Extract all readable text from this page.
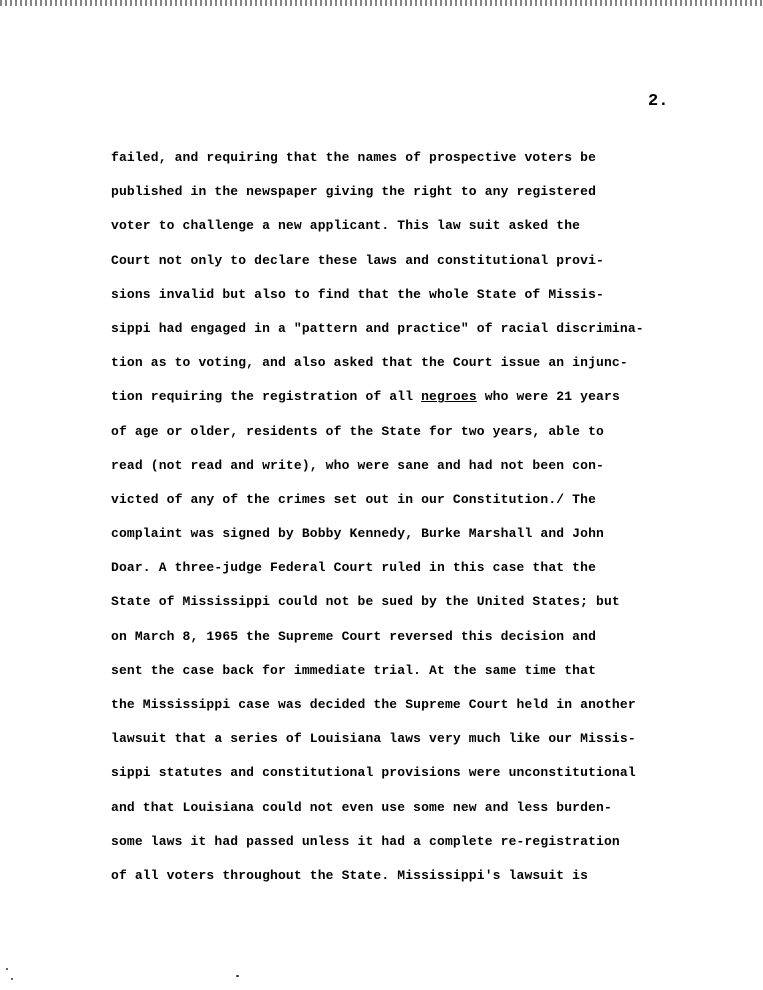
2.
failed, and requiring that the names of prospective voters be
published in the newspaper giving the right to any registered
voter to challenge a new applicant. This law suit asked the
Court not only to declare these laws and constitutional provi-
sions invalid but also to find that the whole State of Missis-
sippi had engaged in a "pattern and practice" of racial discrimina-
tion as to voting, and also asked that the Court issue an injunc-
tion requiring the registration of all negroes who were 21 years
of age or older, residents of the State for two years, able to
read (not read and write), who were sane and had not been con-
victed of any of the crimes set out in our Constitution./ The
complaint was signed by Bobby Kennedy, Burke Marshall and John
Doar. A three-judge Federal Court ruled in this case that the
State of Mississippi could not be sued by the United States; but
on March 8, 1965 the Supreme Court reversed this decision and
sent the case back for immediate trial. At the same time that
the Mississippi case was decided the Supreme Court held in another
lawsuit that a series of Louisiana laws very much like our Missis-
sippi statutes and constitutional provisions were unconstitutional
and that Louisiana could not even use some new and less burden-
some laws it had passed unless it had a complete re-registration
of all voters throughout the State. Mississippi's lawsuit is
